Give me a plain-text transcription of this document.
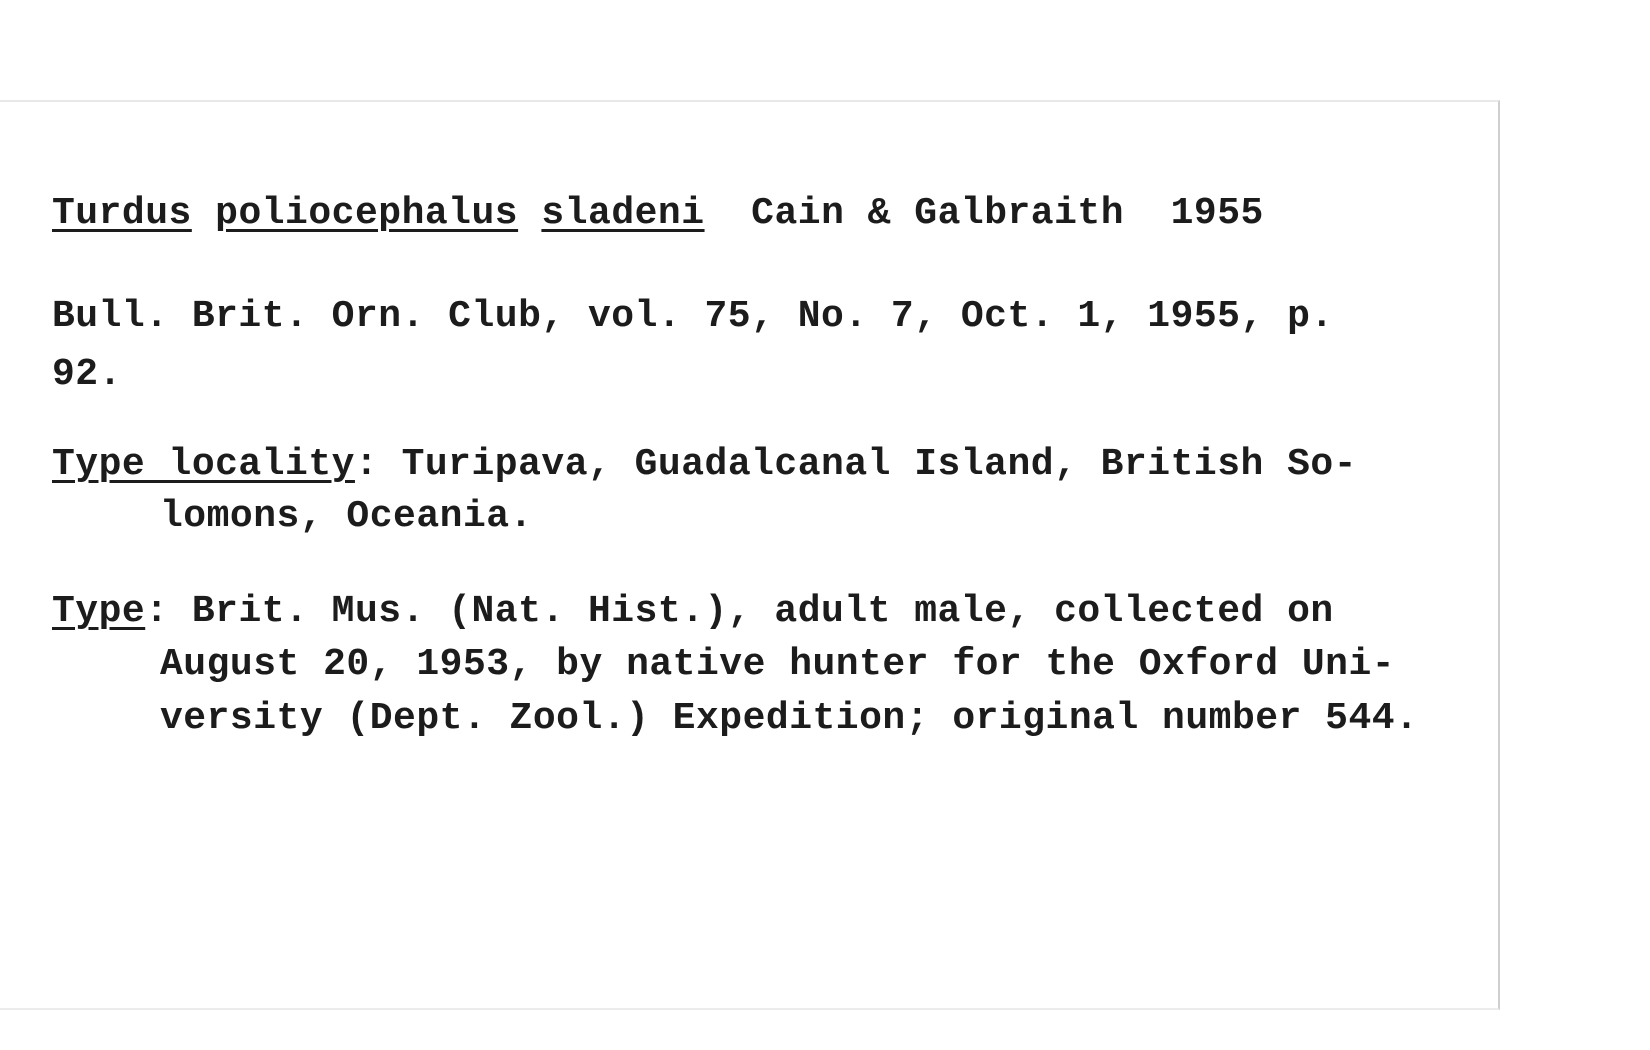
Turdus poliocephalus sladeni Cain & Galbraith 1955

Bull. Brit. Orn. Club, vol. 75, No. 7, Oct. 1, 1955, p.

92.

Type locality: Turipava, Guadalcanal Island, British So-

lomons, Oceania.

Type: Brit. Mus. (Nat. Hist.), adult male, collected on

August 20, 1953, by native hunter for the Oxford Uni-

versity (Dept. Zool.) Expedition; original number 544.
